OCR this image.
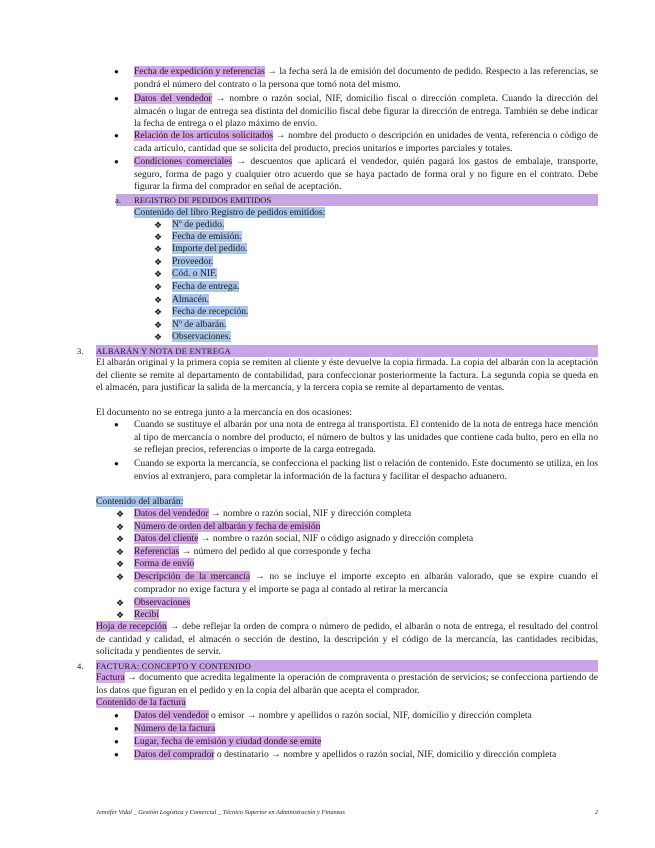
● Fecha de expedición y referencias → la fecha será la de emisión del documento de pedido. Respecto a las referencias, se pondrá el número del contrato o la persona que tomó nota del mismo.
● Datos del vendedor → nombre o razón social, NIF, domicilio fiscal o dirección completa. Cuando la dirección del almacén o lugar de entrega sea distinta del domicilio fiscal debe figurar la dirección de entrega. También se debe indicar la fecha de entrega o el plazo máximo de envío.
● Relación de los artículos solicitados → nombre del producto o descripción en unidades de venta, referencia o código de cada artículo, cantidad que se solicita del producto, precios unitarios e importes parciales y totales.
● Condiciones comerciales → descuentos que aplicará el vendedor, quién pagará los gastos de embalaje, transporte, seguro, forma de pago y cualquier otro acuerdo que se haya pactado de forma oral y no figure en el contrato. Debe figurar la firma del comprador en señal de aceptación.
a. REGISTRO DE PEDIDOS EMITIDOS
Contenido del libro Registro de pedidos emitidos:
❖ Nº de pedido.
❖ Fecha de emisión.
❖ Importe del pedido.
❖ Proveedor.
❖ Cód. o NIF.
❖ Fecha de entrega.
❖ Almacén.
❖ Fecha de recepción.
❖ Nº de albarán.
❖ Observaciones.
3. ALBARÁN Y NOTA DE ENTREGA
El albarán original y la primera copia se remiten al cliente y éste devuelve la copia firmada. La copia del albarán con la aceptación del cliente se remite al departamento de contabilidad, para confeccionar posteriormente la factura. La segunda copia se queda en el almacén, para justificar la salida de la mercancía, y la tercera copia se remite al departamento de ventas.
El documento no se entrega junto a la mercancía en dos ocasiones:
● Cuando se sustituye el albarán por una nota de entrega al transportista. El contenido de la nota de entrega hace mención al tipo de mercancía o nombre del producto, el número de bultos y las unidades que contiene cada bulto, pero en ella no se reflejan precios, referencias o importe de la carga entregada.
● Cuando se exporta la mercancía, se confecciona el packing list o relación de contenido. Este documento se utiliza, en los envíos al extranjero, para completar la información de la factura y facilitar el despacho aduanero.
Contenido del albarán:
❖ Datos del vendedor → nombre o razón social, NIF y dirección completa
❖ Número de orden del albarán y fecha de emisión
❖ Datos del cliente → nombre o razón social, NIF o código asignado y dirección completa
❖ Referencias → número del pedido al que corresponde y fecha
❖ Forma de envío
❖ Descripción de la mercancía → no se incluye el importe excepto en albarán valorado, que se expire cuando el comprador no exige factura y el importe se paga al contado al retirar la mercancía
❖ Observaciones
❖ Recibí
Hoja de recepción → debe reflejar la orden de compra o número de pedido, el albarán o nota de entrega, el resultado del control de cantidad y calidad, el almacén o sección de destino, la descripción y el código de la mercancía, las cantidades recibidas, solicitada y pendientes de servir.
4. FACTURA: CONCEPTO Y CONTENIDO
Factura → documento que acredita legalmente la operación de compraventa o prestación de servicios; se confecciona partiendo de los datos que figuran en el pedido y en la copia del albarán que acepta el comprador.
Contenido de la factura
● Datos del vendedor o emisor → nombre y apellidos o razón social, NIF, domicilio y dirección completa
● Número de la factura
● Lugar, fecha de emisión y ciudad donde se emite
● Datos del comprador o destinatario → nombre y apellidos o razón social, NIF, domicilio y dirección completa
Jennifer Vidal _ Gestión Logística y Comercial _ Técnico Superior en Administración y Finanzas	2
